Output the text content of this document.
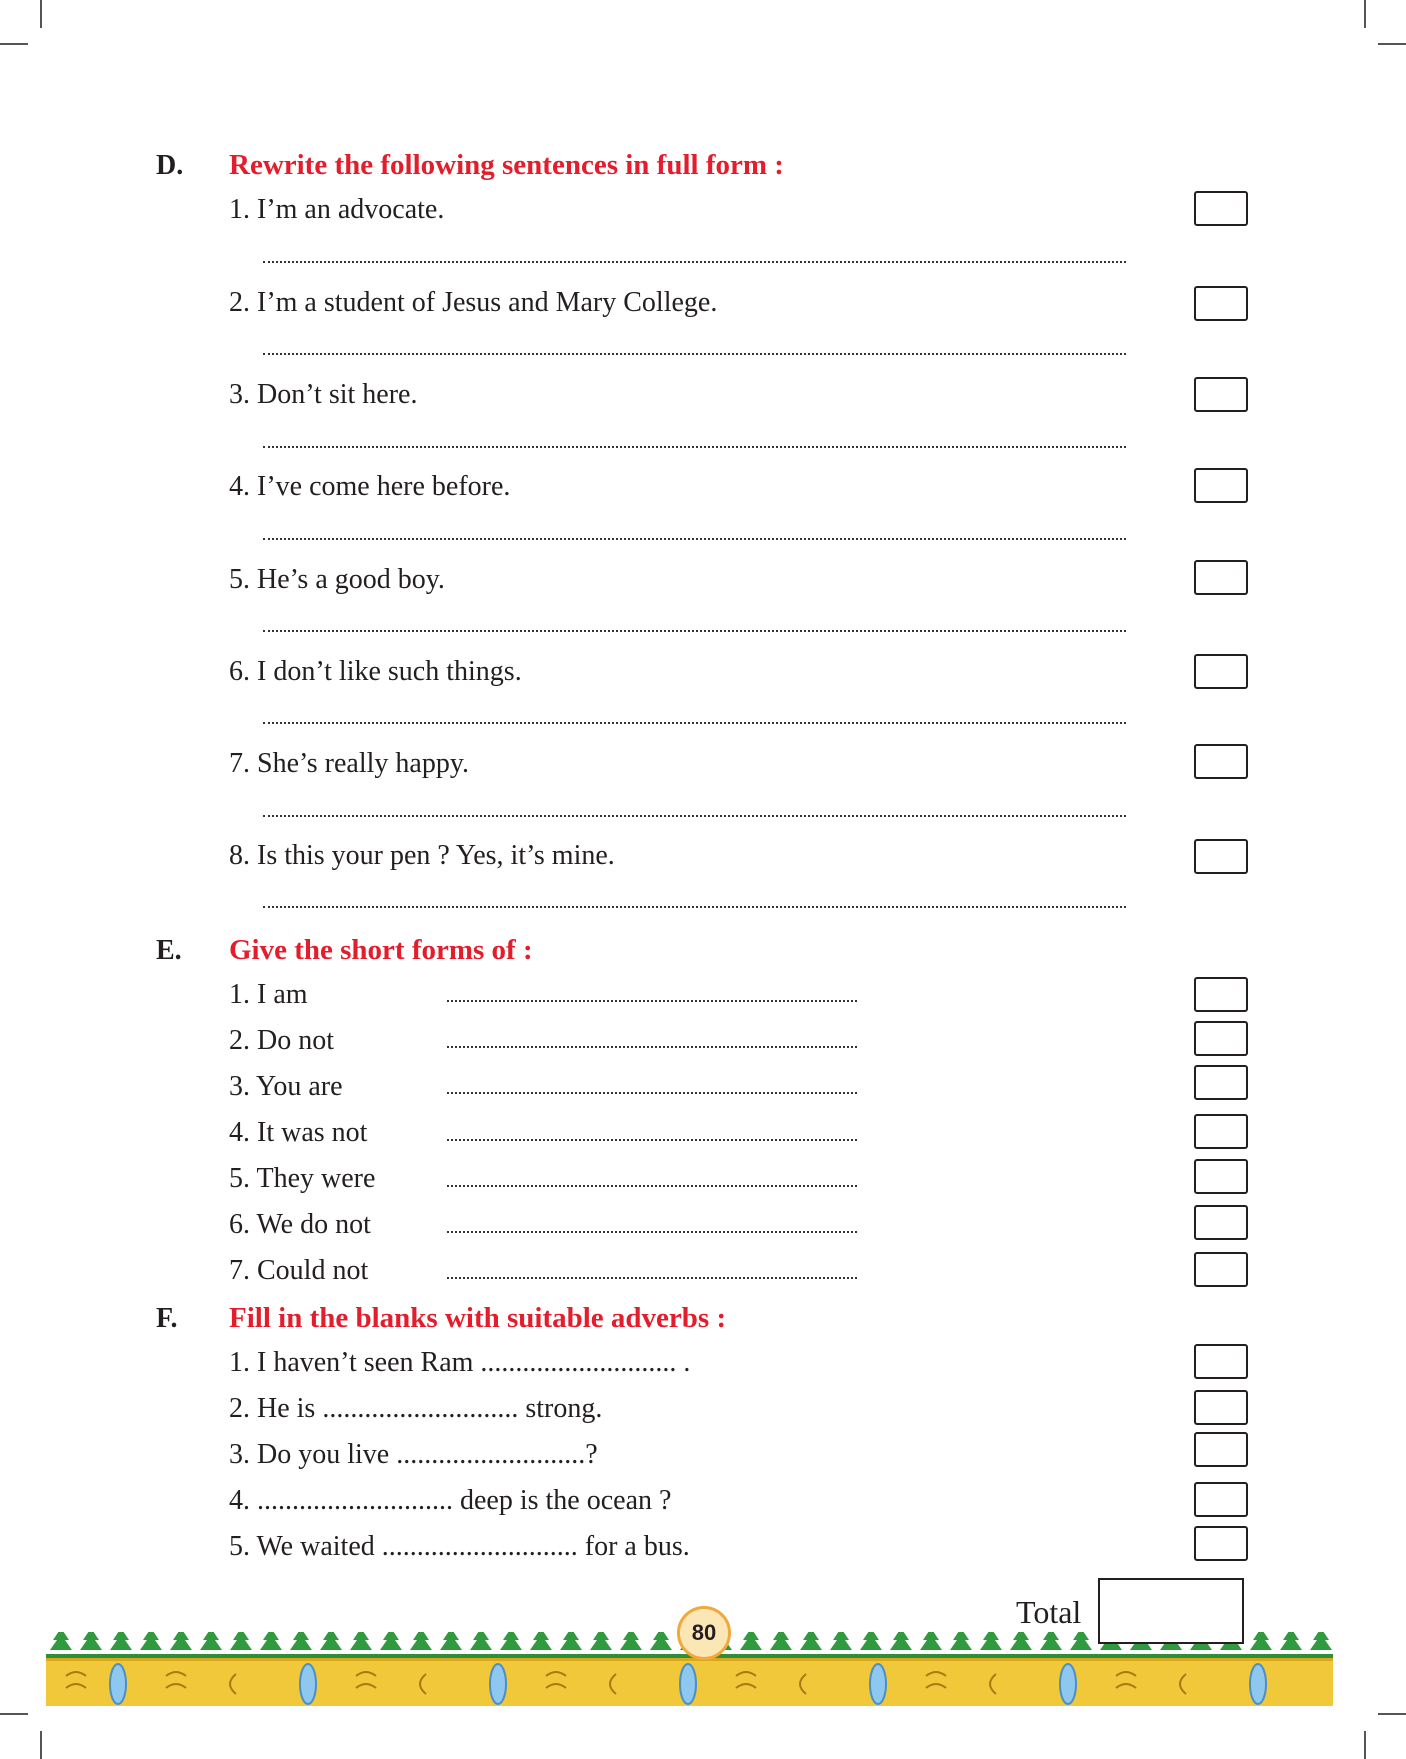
D. Rewrite the following sentences in full form :
1. I’m an advocate.
2. I’m a student of Jesus and Mary College.
3. Don’t sit here.
4. I’ve come here before.
5. He’s a good boy.
6. I don’t like such things.
7. She’s really happy.
8. Is this your pen ? Yes, it’s mine.
E. Give the short forms of :
1. I am
2. Do not
3. You are
4. It was not
5. They were
6. We do not
7. Could not
F. Fill in the blanks with suitable adverbs :
1. I haven’t seen Ram ............................ .
2. He is ............................ strong.
3. Do you live ...........................?
4. ............................ deep is the ocean ?
5. We waited ............................ for a bus.
Total
80
